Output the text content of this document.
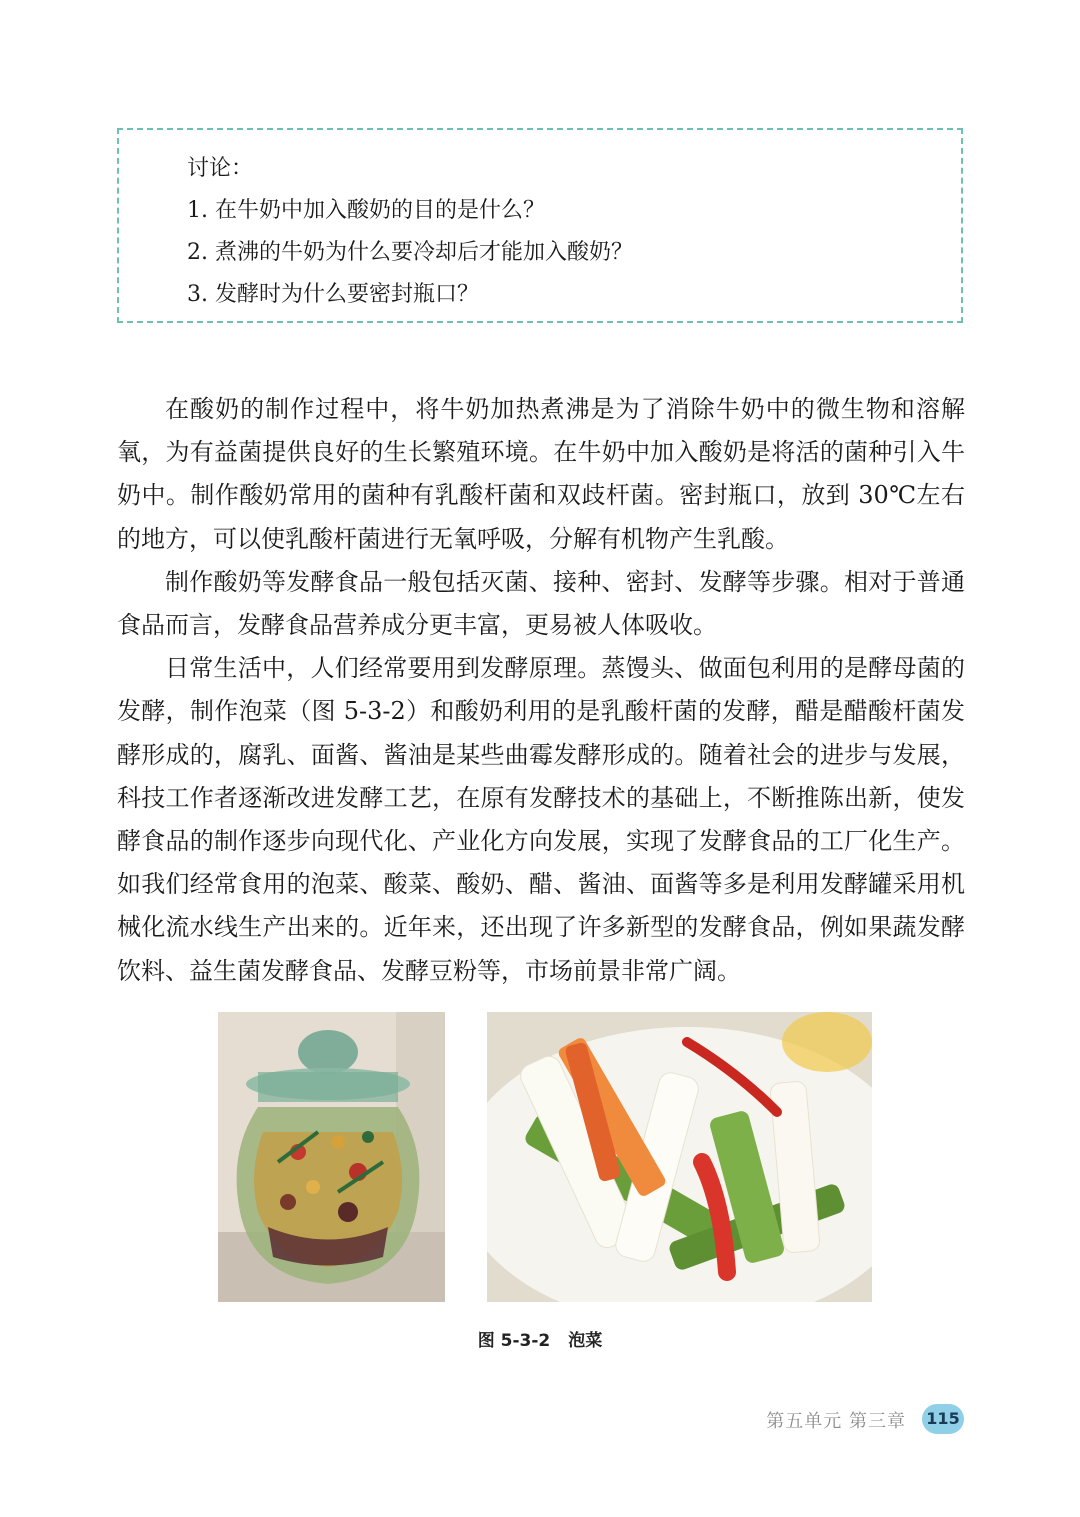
讨论：

1. 在牛奶中加入酸奶的目的是什么？

2. 煮沸的牛奶为什么要冷却后才能加入酸奶？

3. 发酵时为什么要密封瓶口？

在酸奶的制作过程中，将牛奶加热煮沸是为了消除牛奶中的微生物和溶解氧，为有益菌提供良好的生长繁殖环境。在牛奶中加入酸奶是将活的菌种引入牛奶中。制作酸奶常用的菌种有乳酸杆菌和双歧杆菌。密封瓶口，放到 30℃左右的地方，可以使乳酸杆菌进行无氧呼吸，分解有机物产生乳酸。

制作酸奶等发酵食品一般包括灭菌、接种、密封、发酵等步骤。相对于普通食品而言，发酵食品营养成分更丰富，更易被人体吸收。

日常生活中，人们经常要用到发酵原理。蒸馒头、做面包利用的是酵母菌的发酵，制作泡菜（图 5-3-2）和酸奶利用的是乳酸杆菌的发酵，醋是醋酸杆菌发酵形成的，腐乳、面酱、酱油是某些曲霉发酵形成的。随着社会的进步与发展，科技工作者逐渐改进发酵工艺，在原有发酵技术的基础上，不断推陈出新，使发酵食品的制作逐步向现代化、产业化方向发展，实现了发酵食品的工厂化生产。如我们经常食用的泡菜、酸菜、酸奶、醋、酱油、面酱等多是利用发酵罐采用机械化流水线生产出来的。近年来，还出现了许多新型的发酵食品，例如果蔬发酵饮料、益生菌发酵食品、发酵豆粉等，市场前景非常广阔。

图 5-3-2 泡菜
第五单元 第三章 115
